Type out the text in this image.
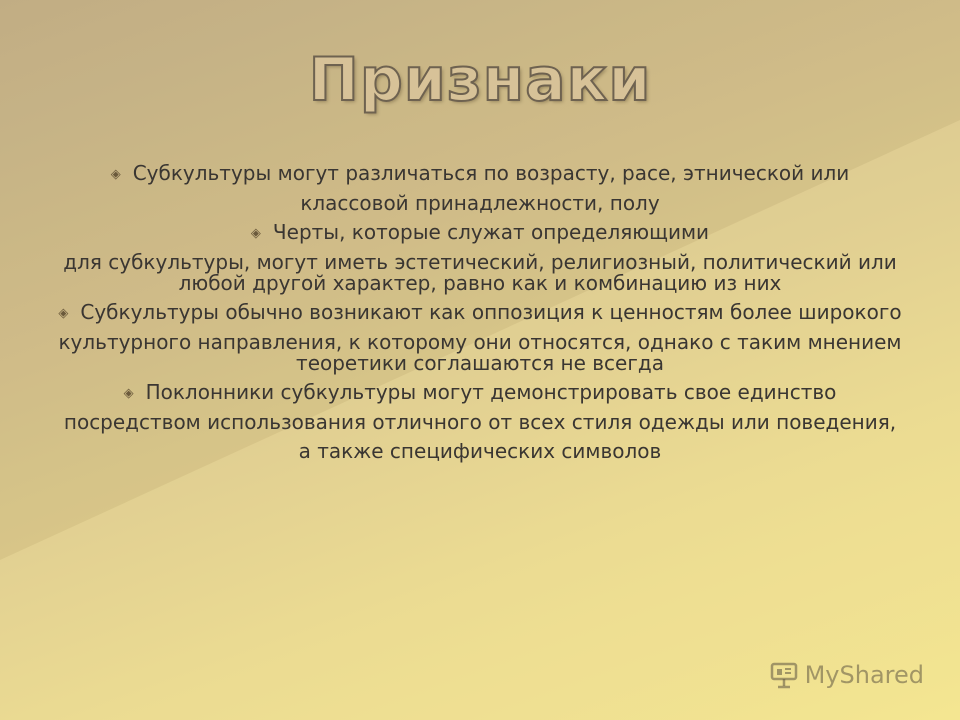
Признаки
◈ Субкультуры могут различаться по возрасту, расе, этнической или
классовой принадлежности, полу
◈ Черты, которые служат определяющими
для субкультуры, могут иметь эстетический, религиозный, политический или любой другой характер, равно как и комбинацию из них
◈ Субкультуры обычно возникают как оппозиция к ценностям более широкого
культурного направления, к которому они относятся, однако с таким мнением теоретики соглашаются не всегда
◈ Поклонники субкультуры могут демонстрировать свое единство
посредством использования отличного от всех стиля одежды или поведения,
а также специфических символов
MyShared
